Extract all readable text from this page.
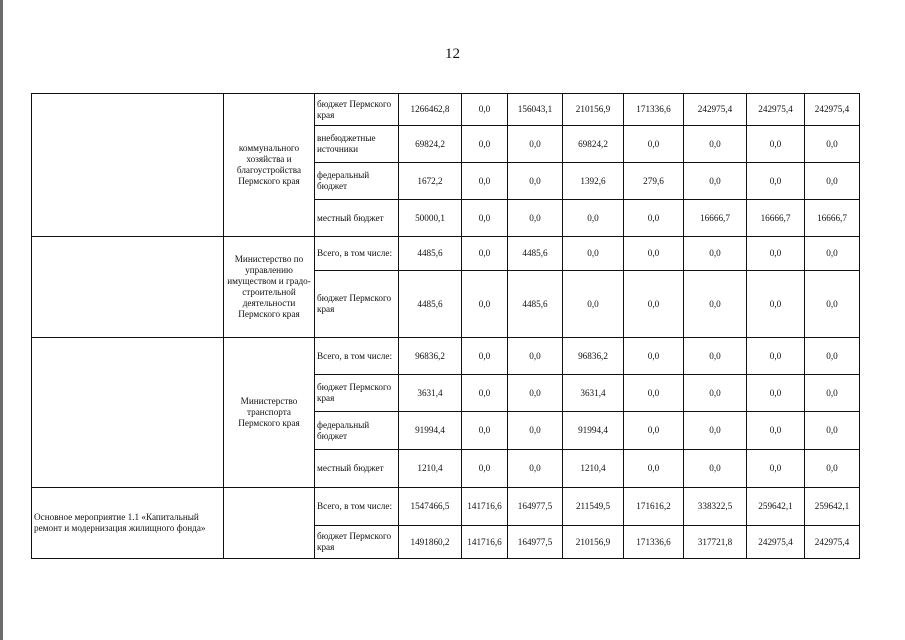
12
	коммунального хозяйства и благоустройства Пермского края	бюджет Пермского края	1266462,8	0,0	156043,1	210156,9	171336,6	242975,4	242975,4	242975,4
		внебюджетные источники	69824,2	0,0	0,0	69824,2	0,0	0,0	0,0	0,0
		федеральный бюджет	1672,2	0,0	0,0	1392,6	279,6	0,0	0,0	0,0
		местный бюджет	50000,1	0,0	0,0	0,0	0,0	16666,7	16666,7	16666,7
	Министерство по управлению имуществом и градо- строительной деятельности Пермского края	Всего, в том числе:	4485,6	0,0	4485,6	0,0	0,0	0,0	0,0	0,0
		бюджет Пермского края	4485,6	0,0	4485,6	0,0	0,0	0,0	0,0	0,0
	Министерство транспорта Пермского края	Всего, в том числе:	96836,2	0,0	0,0	96836,2	0,0	0,0	0,0	0,0
		бюджет Пермского края	3631,4	0,0	0,0	3631,4	0,0	0,0	0,0	0,0
		федеральный бюджет	91994,4	0,0	0,0	91994,4	0,0	0,0	0,0	0,0
		местный бюджет	1210,4	0,0	0,0	1210,4	0,0	0,0	0,0	0,0
Основное мероприятие 1.1 «Капитальный ремонт и модернизация жилищного фонда»		Всего, в том числе:	1547466,5	141716,6	164977,5	211549,5	171616,2	338322,5	259642,1	259642,1
		бюджет Пермского края	1491860,2	141716,6	164977,5	210156,9	171336,6	317721,8	242975,4	242975,4
